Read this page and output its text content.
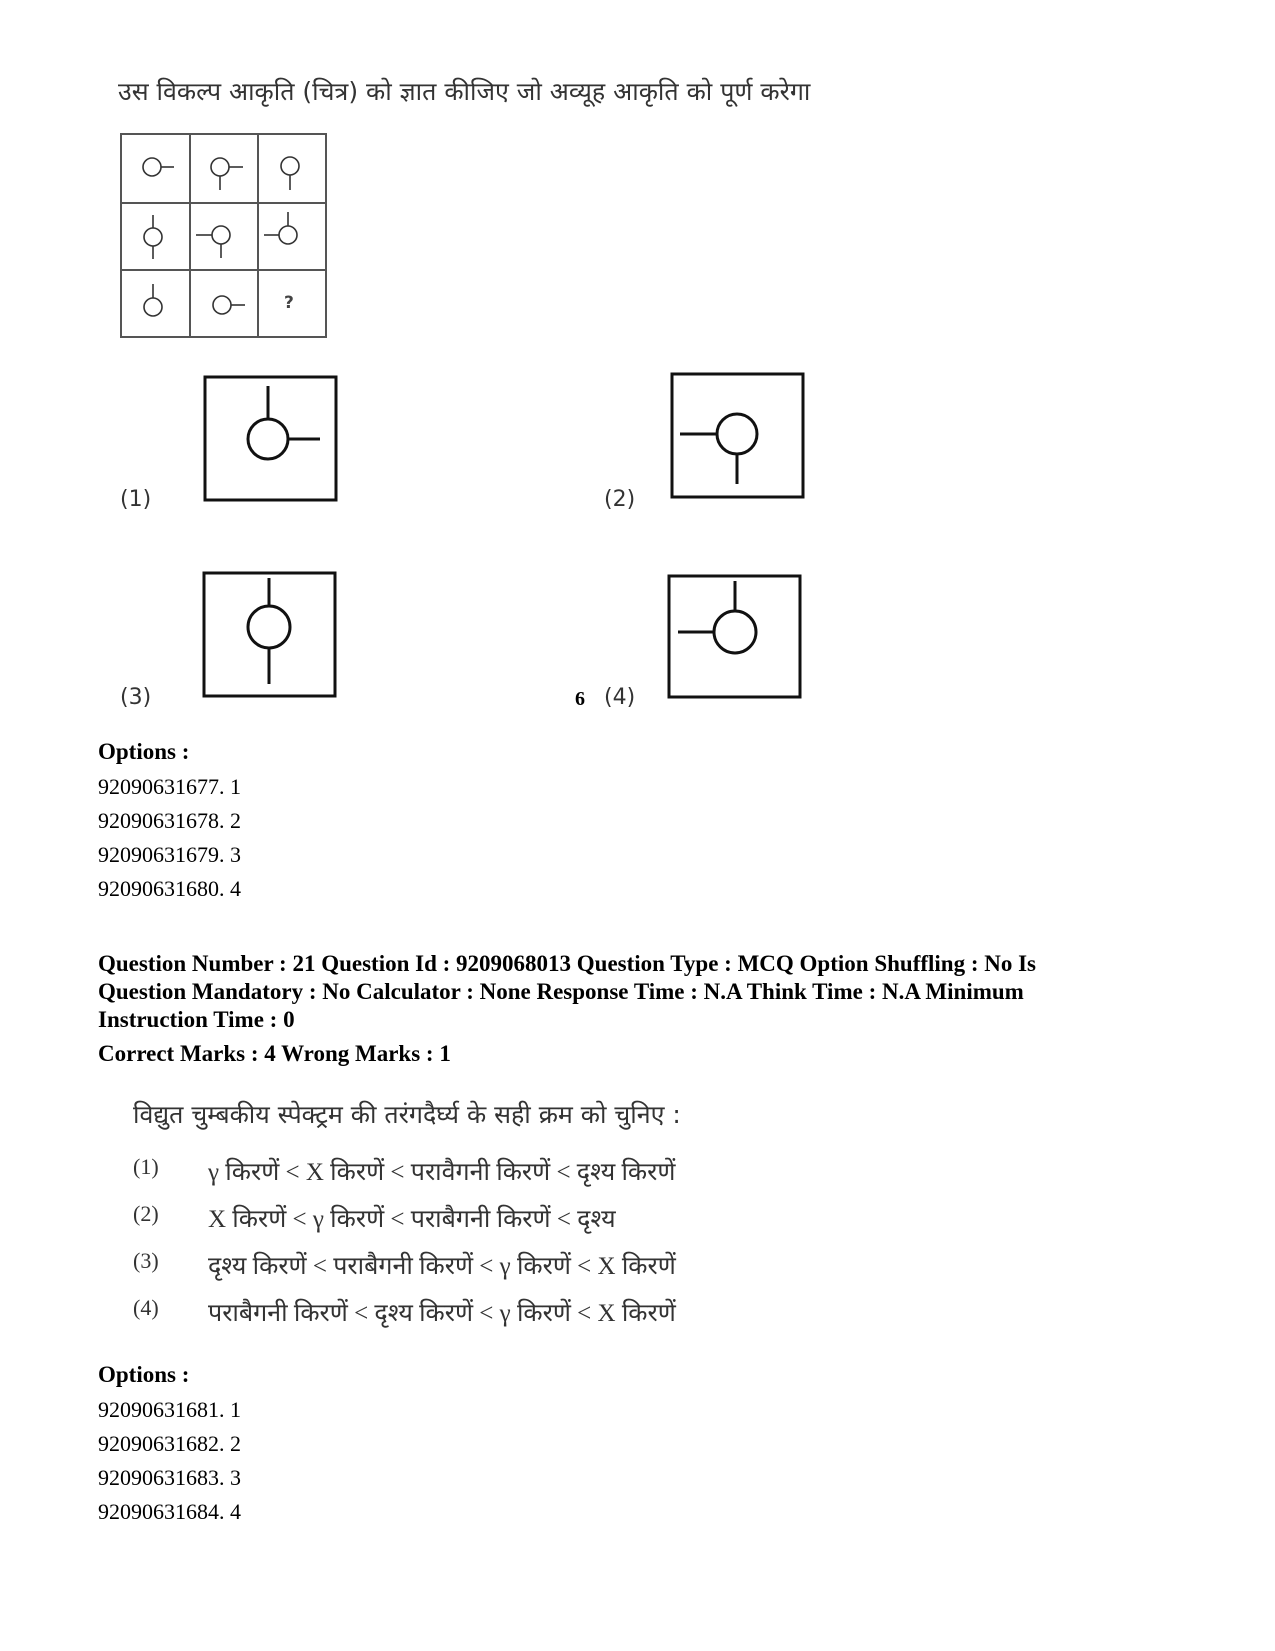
उस विकल्प आकृति (चित्र) को ज्ञात कीजिए जो अव्यूह आकृति को पूर्ण करेगा
?
(1)	(2)
(3)	6 (4)
Options :
92090631677. 1
92090631678. 2
92090631679. 3
92090631680. 4
Question Number : 21 Question Id : 9209068013 Question Type : MCQ Option Shuffling : No Is
Question Mandatory : No Calculator : None Response Time : N.A Think Time : N.A Minimum
Instruction Time : 0
Correct Marks : 4 Wrong Marks : 1
विद्युत चुम्बकीय स्पेक्ट्रम की तरंगदैर्घ्य के सही क्रम को चुनिए :
(1) γ किरणें < X किरणें < परावैगनी किरणें < दृश्य किरणें
(2) X किरणें < γ किरणें < पराबैगनी किरणें < दृश्य
(3) दृश्य किरणें < पराबैगनी किरणें < γ किरणें < X किरणें
(4) पराबैगनी किरणें < दृश्य किरणें < γ किरणें < X किरणें
Options :
92090631681. 1
92090631682. 2
92090631683. 3
92090631684. 4
